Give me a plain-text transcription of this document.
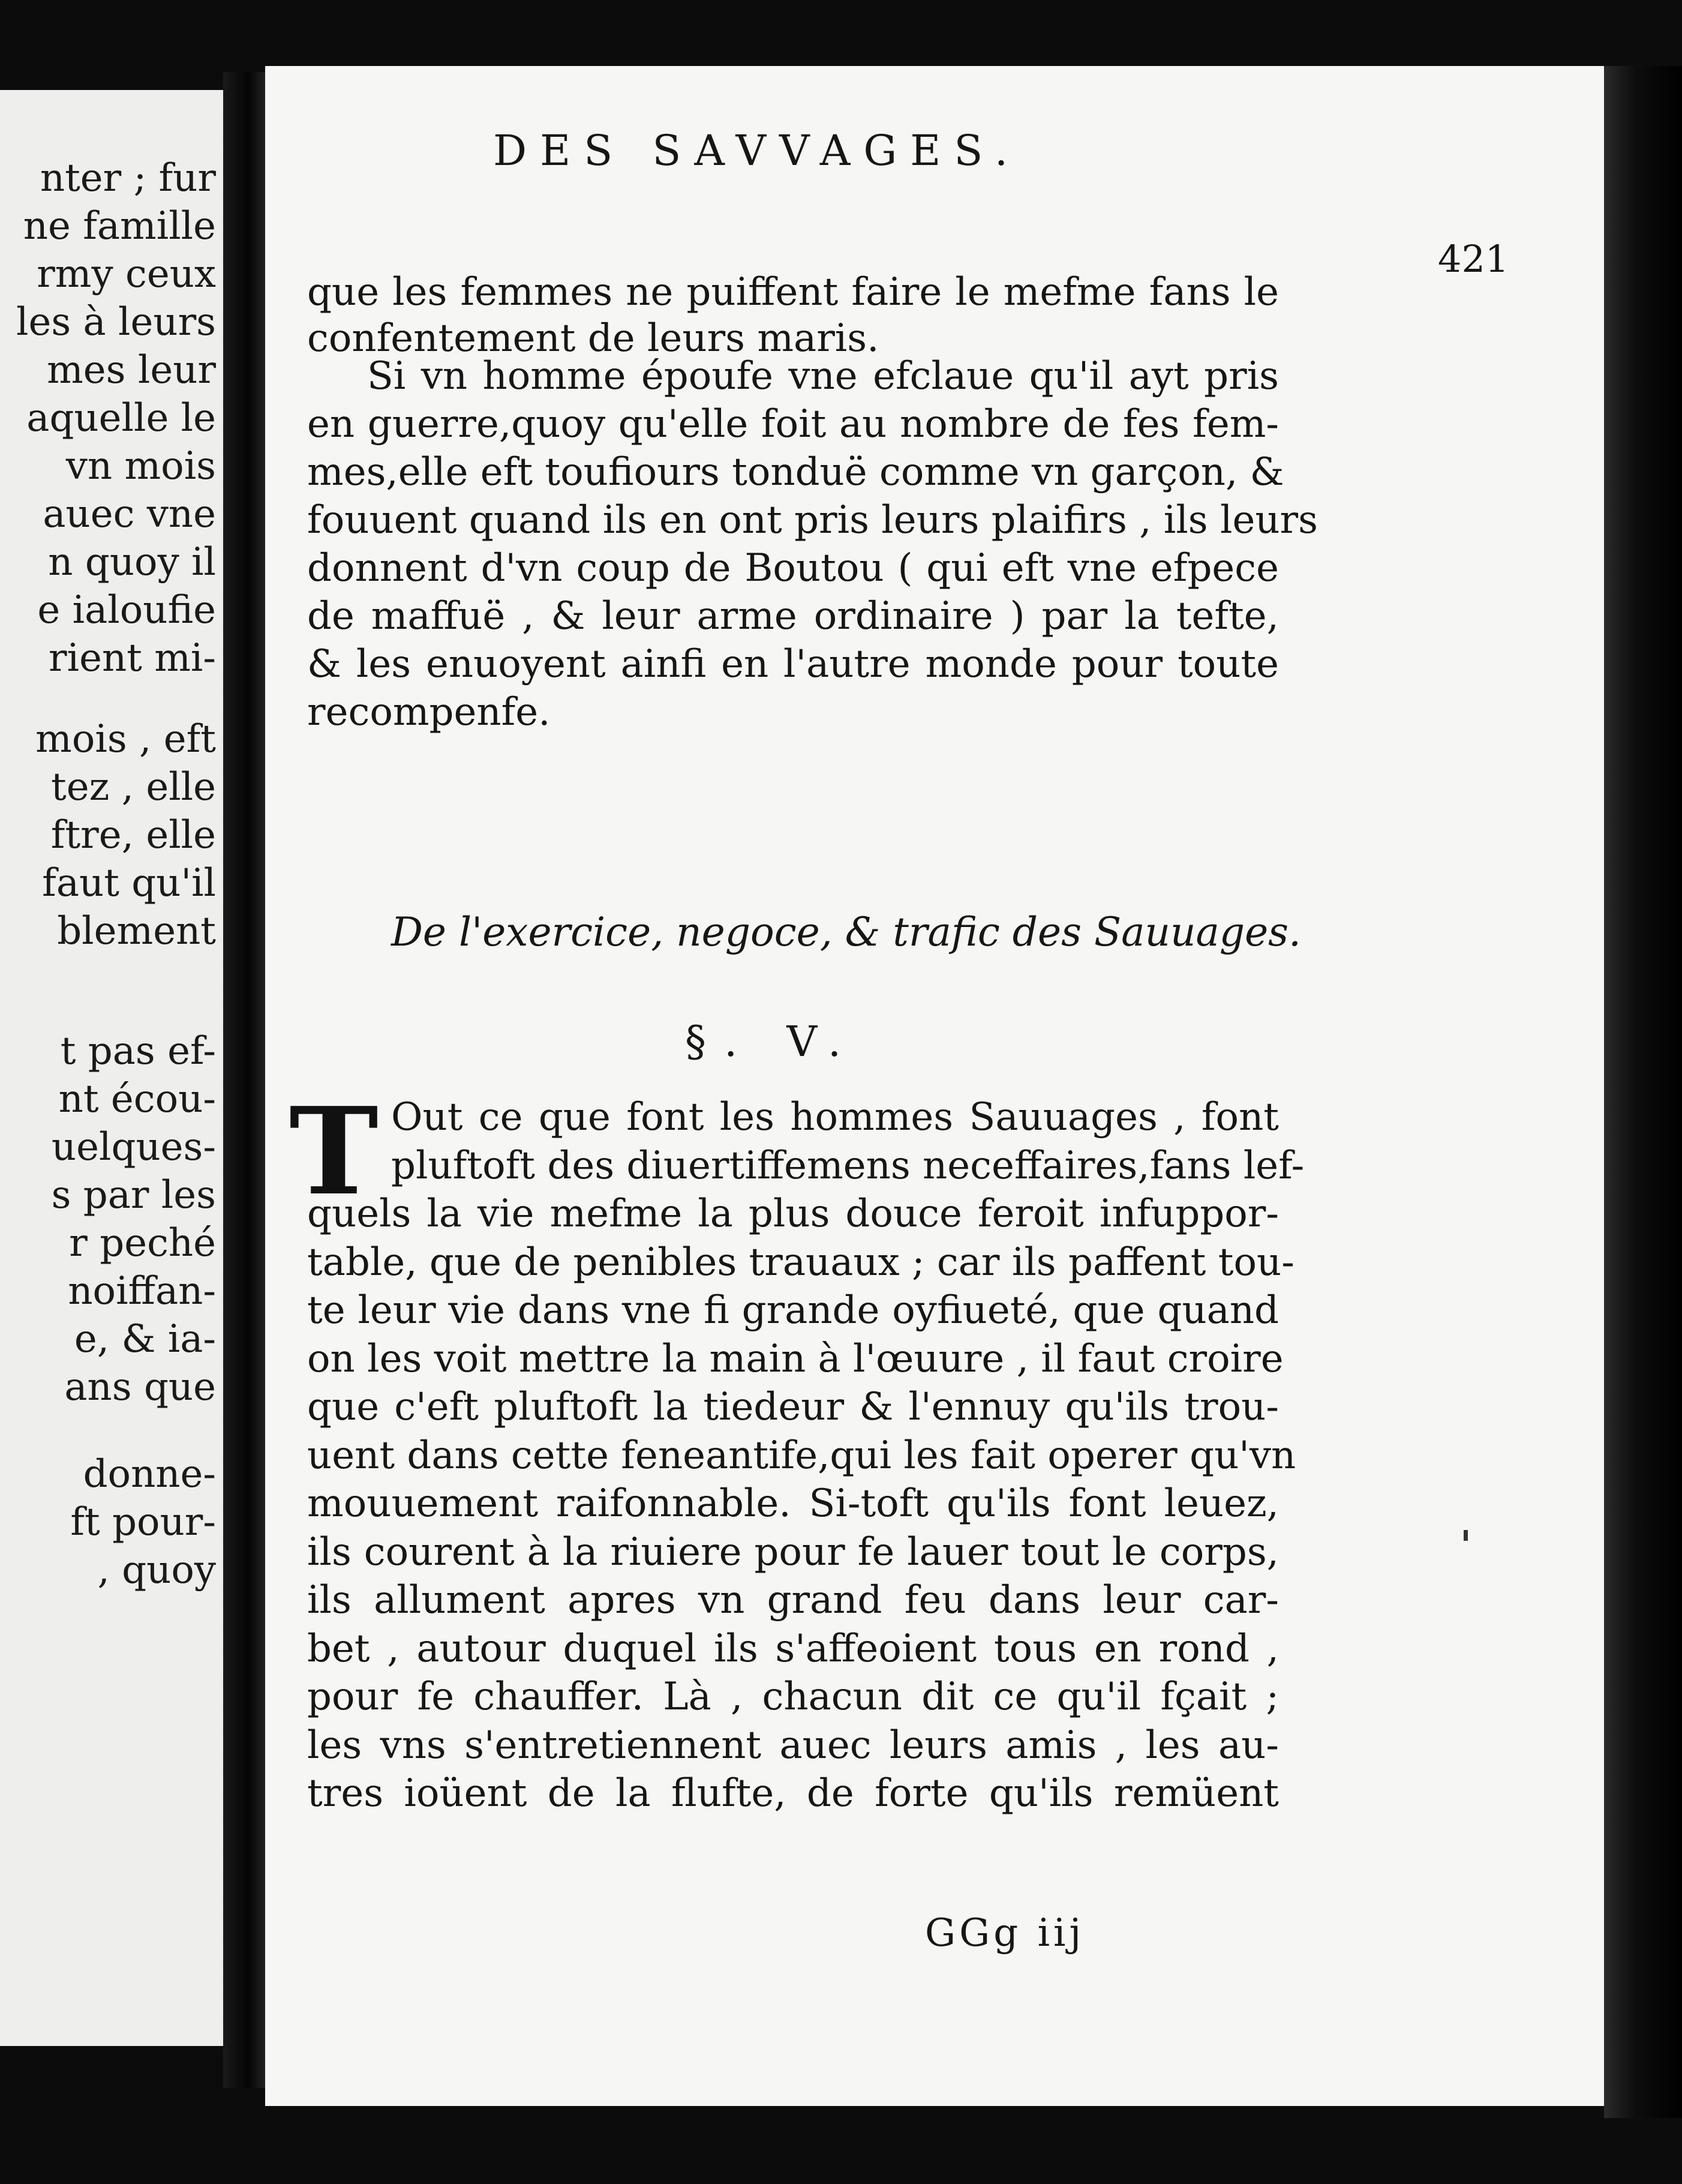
nter ; fur
ne famille
rmy ceux
les à leurs
mes leur
aquelle le
vn mois
auec vne
n quoy il
e ialoufie
rient mi-
mois , eft
tez , elle
ftre, elle
faut qu'il
blement
t pas ef-
nt écou-
uelques-
s par les
r peché
noiffan-
e, & ia-
ans que
donne-
ft pour-
, quoy
DES SAVVAGES.
421
que les femmes ne puiffent faire le mefme fans le
confentement de leurs maris.
Si vn homme époufe vne efclaue qu'il ayt pris
en guerre,quoy qu'elle foit au nombre de fes fem-
mes,elle eft toufiours tonduë comme vn garçon, &
fouuent quand ils en ont pris leurs plaifirs , ils leurs
donnent d'vn coup de Boutou ( qui eft vne efpece
de maffuë , & leur arme ordinaire ) par la tefte,
& les enuoyent ainfi en l'autre monde pour toute
recompenfe.
Out ce que font les hommes Sauuages , font
pluftoft des diuertiffemens neceffaires,fans lef-
quels la vie mefme la plus douce feroit infuppor-
table, que de penibles trauaux ; car ils paffent tou-
te leur vie dans vne fi grande oyfiueté, que quand
on les voit mettre la main à l'œuure , il faut croire
que c'eft pluftoft la tiedeur & l'ennuy qu'ils trou-
uent dans cette feneantife,qui les fait operer qu'vn
mouuement raifonnable. Si-toft qu'ils font leuez,
ils courent à la riuiere pour fe lauer tout le corps,
ils allument apres vn grand feu dans leur car-
bet , autour duquel ils s'affeoient tous en rond ,
pour fe chauffer. Là , chacun dit ce qu'il fçait ;
les vns s'entretiennent auec leurs amis , les au-
tres ioüent de la flufte, de forte qu'ils remüent
De l'exercice, negoce, & trafic des Sauuages.
§. V.
T
GGg iij
